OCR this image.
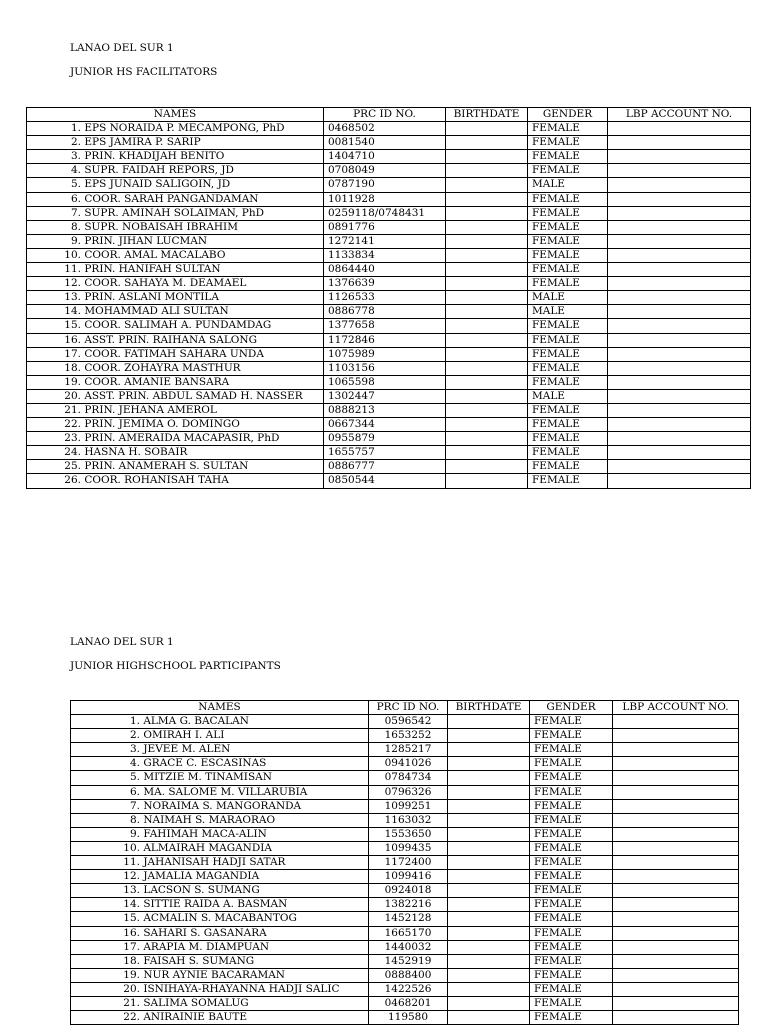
LANAO DEL SUR 1
JUNIOR HS FACILITATORS
NAMES	PRC ID NO.	BIRTHDATE	GENDER	LBP ACCOUNT NO.
1. EPS NORAIDA P. MECAMPONG, PhD	0468502		FEMALE	
2. EPS JAMIRA P. SARIP	0081540		FEMALE	
3. PRIN. KHADIJAH BENITO	1404710		FEMALE	
4. SUPR. FAIDAH REPORS, JD	0708049		FEMALE	
5. EPS JUNAID SALIGOIN, JD	0787190		MALE	
6. COOR. SARAH PANGANDAMAN	1011928		FEMALE	
7. SUPR. AMINAH SOLAIMAN, PhD	0259118/0748431		FEMALE	
8. SUPR. NOBAISAH IBRAHIM	0891776		FEMALE	
9. PRIN. JIHAN LUCMAN	1272141		FEMALE	
10. COOR. AMAL MACALABO	1133834		FEMALE	
11. PRIN. HANIFAH SULTAN	0864440		FEMALE	
12. COOR. SAHAYA M. DEAMAEL	1376639		FEMALE	
13. PRIN. ASLANI MONTILA	1126533		MALE	
14. MOHAMMAD ALI SULTAN	0886778		MALE	
15. COOR. SALIMAH A. PUNDAMDAG	1377658		FEMALE	
16. ASST. PRIN. RAIHANA SALONG	1172846		FEMALE	
17. COOR. FATIMAH SAHARA UNDA	1075989		FEMALE	
18. COOR. ZOHAYRA MASTHUR	1103156		FEMALE	
19. COOR. AMANIE BANSARA	1065598		FEMALE	
20. ASST. PRIN. ABDUL SAMAD H. NASSER	1302447		MALE	
21. PRIN. JEHANA AMEROL	0888213		FEMALE	
22. PRIN. JEMIMA O. DOMINGO	0667344		FEMALE	
23. PRIN. AMERAIDA MACAPASIR, PhD	0955879		FEMALE	
24. HASNA H. SOBAIR	1655757		FEMALE	
25. PRIN. ANAMERAH S. SULTAN	0886777		FEMALE	
26. COOR. ROHANISAH TAHA	0850544		FEMALE	
LANAO DEL SUR 1
JUNIOR HIGHSCHOOL PARTICIPANTS
NAMES	PRC ID NO.	BIRTHDATE	GENDER	LBP ACCOUNT NO.
1. ALMA G. BACALAN	0596542		FEMALE	
2. OMIRAH I. ALI	1653252		FEMALE	
3. JEVEE M. ALEN	1285217		FEMALE	
4. GRACE C. ESCASINAS	0941026		FEMALE	
5. MITZIE M. TINAMISAN	0784734		FEMALE	
6. MA. SALOME M. VILLARUBIA	0796326		FEMALE	
7. NORAIMA S. MANGORANDA	1099251		FEMALE	
8. NAIMAH S. MARAORAO	1163032		FEMALE	
9. FAHIMAH MACA-ALIN	1553650		FEMALE	
10. ALMAIRAH MAGANDIA	1099435		FEMALE	
11. JAHANISAH HADJI SATAR	1172400		FEMALE	
12. JAMALIA MAGANDIA	1099416		FEMALE	
13. LACSON S. SUMANG	0924018		FEMALE	
14. SITTIE RAIDA A. BASMAN	1382216		FEMALE	
15. ACMALIN S. MACABANTOG	1452128		FEMALE	
16. SAHARI S. GASANARA	1665170		FEMALE	
17. ARAPIA M. DIAMPUAN	1440032		FEMALE	
18. FAISAH S. SUMANG	1452919		FEMALE	
19. NUR AYNIE BACARAMAN	0888400		FEMALE	
20. ISNIHAYA-RHAYANNA HADJI SALIC	1422526		FEMALE	
21. SALIMA SOMALUG	0468201		FEMALE	
22. ANIRAINIE BAUTE	119580		FEMALE	
